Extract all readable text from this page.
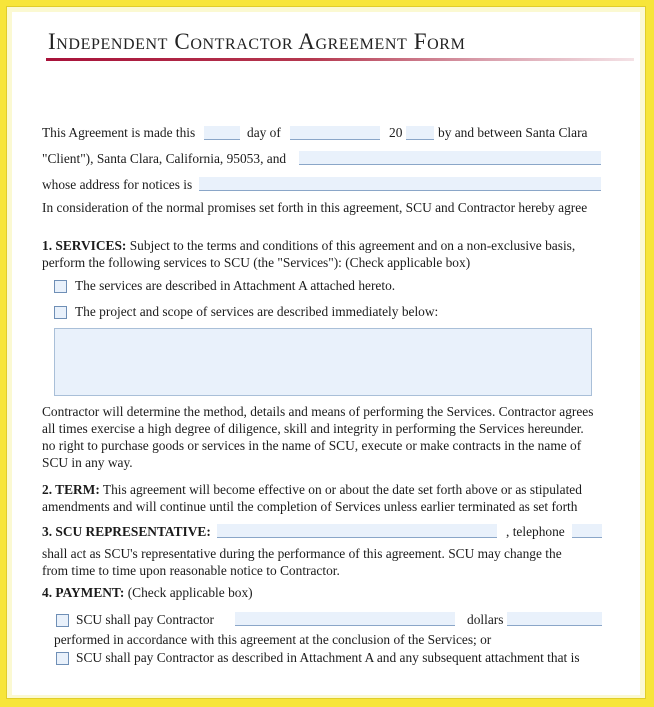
Independent Contractor Agreement Form
This Agreement is made this	day of	20	by and between Santa Clara
"Client"), Santa Clara, California, 95053, and
whose address for notices is
In consideration of the normal promises set forth in this agreement, SCU and Contractor hereby agree
1. SERVICES: Subject to the terms and conditions of this agreement and on a non-exclusive basis,
perform the following services to SCU (the "Services"): (Check applicable box)
The services are described in Attachment A attached hereto.
The project and scope of services are described immediately below:
Contractor will determine the method, details and means of performing the Services. Contractor agrees
all times exercise a high degree of diligence, skill and integrity in performing the Services hereunder.
no right to purchase goods or services in the name of SCU, execute or make contracts in the name of
SCU in any way.
2. TERM: This agreement will become effective on or about the date set forth above or as stipulated
amendments and will continue until the completion of Services unless earlier terminated as set forth
3. SCU REPRESENTATIVE:	, telephone
shall act as SCU's representative during the performance of this agreement. SCU may change the
from time to time upon reasonable notice to Contractor.
4. PAYMENT: (Check applicable box)
SCU shall pay Contractor	dollars
performed in accordance with this agreement at the conclusion of the Services; or
SCU shall pay Contractor as described in Attachment A and any subsequent attachment that is
